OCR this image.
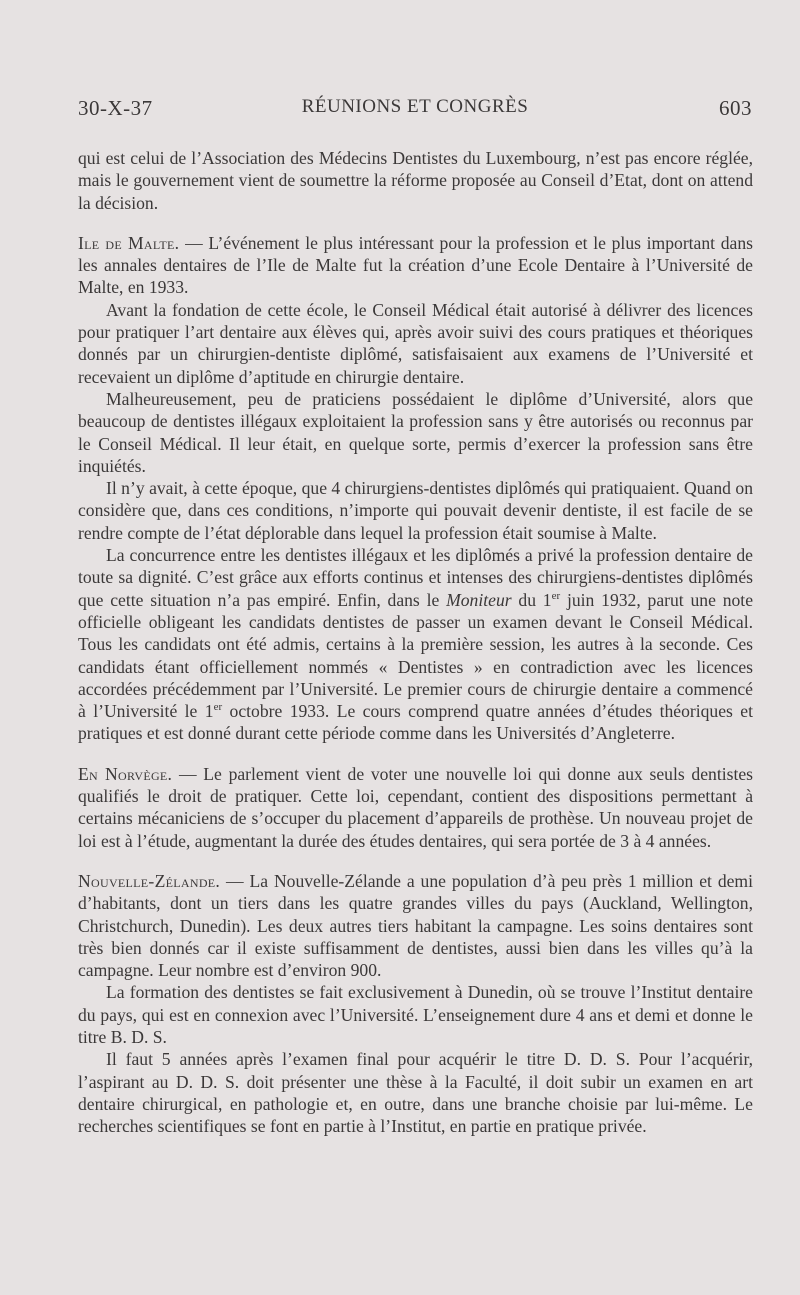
30-X-37	RÉUNIONS ET CONGRÈS	603

qui est celui de l’Association des Médecins Dentistes du Luxembourg, n’est pas encore réglée, mais le gouvernement vient de soumettre la réforme proposée au Conseil d’Etat, dont on attend la décision.

Ile de Malte. — L’événement le plus intéressant pour la profession et le plus important dans les annales dentaires de l’Ile de Malte fut la création d’une Ecole Dentaire à l’Université de Malte, en 1933.

Avant la fondation de cette école, le Conseil Médical était autorisé à délivrer des licences pour pratiquer l’art dentaire aux élèves qui, après avoir suivi des cours pratiques et théoriques donnés par un chirurgien-dentiste diplômé, satisfaisaient aux examens de l’Université et recevaient un diplôme d’aptitude en chirurgie dentaire.

Malheureusement, peu de praticiens possédaient le diplôme d’Université, alors que beaucoup de dentistes illégaux exploitaient la profession sans y être autorisés ou reconnus par le Conseil Médical. Il leur était, en quelque sorte, permis d’exercer la profession sans être inquiétés.

Il n’y avait, à cette époque, que 4 chirurgiens-dentistes diplômés qui pratiquaient. Quand on considère que, dans ces conditions, n’importe qui pouvait devenir dentiste, il est facile de se rendre compte de l’état déplorable dans lequel la profession était soumise à Malte.

La concurrence entre les dentistes illégaux et les diplômés a privé la profession dentaire de toute sa dignité. C’est grâce aux efforts continus et intenses des chirurgiens-dentistes diplômés que cette situation n’a pas empiré. Enfin, dans le Moniteur du 1er juin 1932, parut une note officielle obligeant les candidats dentistes de passer un examen devant le Conseil Médical. Tous les candidats ont été admis, certains à la première session, les autres à la seconde. Ces candidats étant officiellement nommés « Dentistes » en contradiction avec les licences accordées précédemment par l’Université. Le premier cours de chirurgie dentaire a commencé à l’Université le 1er octobre 1933. Le cours comprend quatre années d’études théoriques et pratiques et est donné durant cette période comme dans les Universités d’Angleterre.

En Norvège. — Le parlement vient de voter une nouvelle loi qui donne aux seuls dentistes qualifiés le droit de pratiquer. Cette loi, cependant, contient des dispositions permettant à certains mécaniciens de s’occuper du placement d’appareils de prothèse. Un nouveau projet de loi est à l’étude, augmentant la durée des études dentaires, qui sera portée de 3 à 4 années.

Nouvelle-Zélande. — La Nouvelle-Zélande a une population d’à peu près 1 million et demi d’habitants, dont un tiers dans les quatre grandes villes du pays (Auckland, Wellington, Christchurch, Dunedin). Les deux autres tiers habitant la campagne. Les soins dentaires sont très bien donnés car il existe suffisamment de dentistes, aussi bien dans les villes qu’à la campagne. Leur nombre est d’environ 900.

La formation des dentistes se fait exclusivement à Dunedin, où se trouve l’Institut dentaire du pays, qui est en connexion avec l’Université. L’enseignement dure 4 ans et demi et donne le titre B. D. S.

Il faut 5 années après l’examen final pour acquérir le titre D. D. S. Pour l’acquérir, l’aspirant au D. D. S. doit présenter une thèse à la Faculté, il doit subir un examen en art dentaire chirurgical, en pathologie et, en outre, dans une branche choisie par lui-même. Le recherches scientifiques se font en partie à l’Institut, en partie en pratique privée.
